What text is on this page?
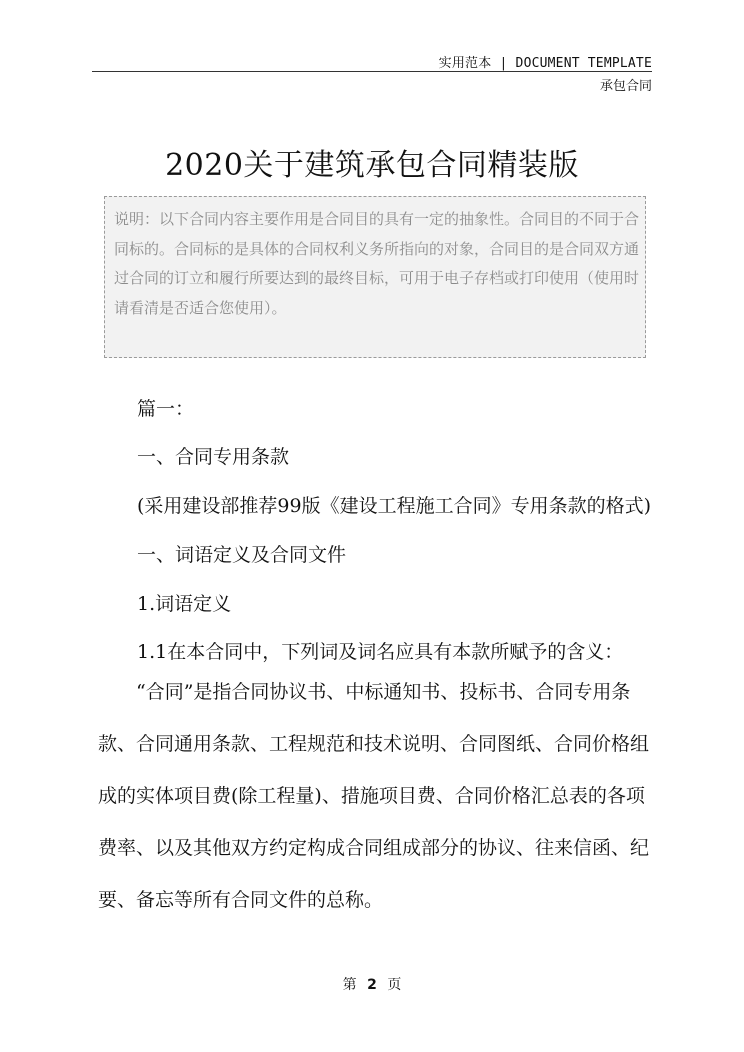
实用范本 | DOCUMENT TEMPLATE
承包合同
2020关于建筑承包合同精装版
说明：以下合同内容主要作用是合同目的具有一定的抽象性。合同目的不同于合同标的。合同标的是具体的合同权利义务所指向的对象，合同目的是合同双方通过合同的订立和履行所要达到的最终目标，可用于电子存档或打印使用（使用时请看清是否适合您使用）。
篇一：
一、合同专用条款
(采用建设部推荐99版《建设工程施工合同》专用条款的格式)
一、词语定义及合同文件
1.词语定义
1.1在本合同中，下列词及词名应具有本款所赋予的含义：
“合同”是指合同协议书、中标通知书、投标书、合同专用条款、合同通用条款、工程规范和技术说明、合同图纸、合同价格组成的实体项目费(除工程量)、措施项目费、合同价格汇总表的各项费率、以及其他双方约定构成合同组成部分的协议、往来信函、纪要、备忘等所有合同文件的总称。
第 2 页
